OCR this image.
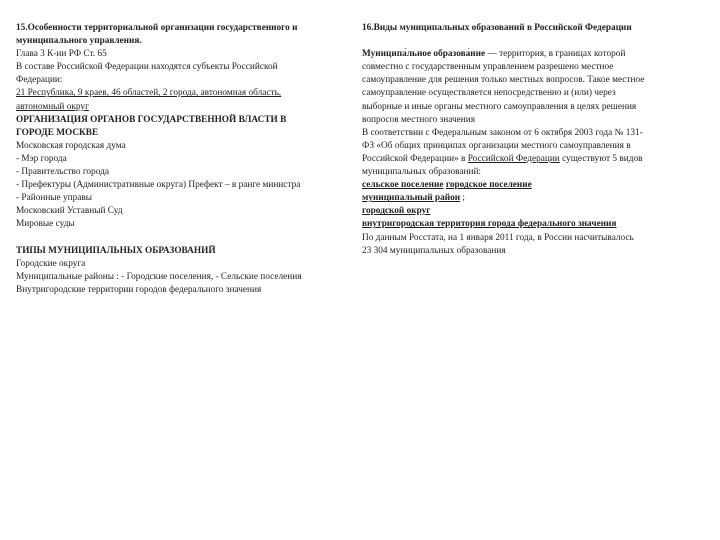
15.Особенности территориальной организации государственного и
муниципального управления.
Глава 3 К-ии РФ Ст. 65
В составе Российской Федерации находятся субъекты Российской
Федерации:
21 Республика, 9 краев, 46 областей, 2 города, автономная область,
автономный округ
ОРГАНИЗАЦИЯ ОРГАНОВ ГОСУДАРСТВЕННОЙ ВЛАСТИ В
ГОРОДЕ МОСКВЕ
Московская городская дума
- Мэр города
- Правительство города
- Префектуры (Административные округа) Префект – в ранге министра
- Районные управы
Московский Уставный Суд
Мировые суды
ТИПЫ МУНИЦИПАЛЬНЫХ ОБРАЗОВАНИЙ
Городские округа
Муниципальные районы : - Городские поселения, - Сельские поселения
Внутригородские территории городов федерального значения
16.Виды муниципальных образований в Российской Федерации
Муниципа́льное образова́ние — территория, в границах которой
совместно с государственным управлением разрешено местное
самоуправление для решения только местных вопросов. Такое местное
самоуправление осуществляется непосредственно и (или) через
выборные и иные органы местного самоуправления в целях решения
вопросов местного значения
В соответствии с Федеральным законом от 6 октября 2003 года № 131-
ФЗ «Об общих принципах организации местного самоуправления в
Российской Федерации» в Российской Федерации существуют 5 видов
муниципальных образований:
сельское поселение городское поселение
муниципальный район ;
городской округ
внутригородская территория города федерального значения
По данным Росстата, на 1 января 2011 года, в России насчитывалось
23 304 муниципальных образования
